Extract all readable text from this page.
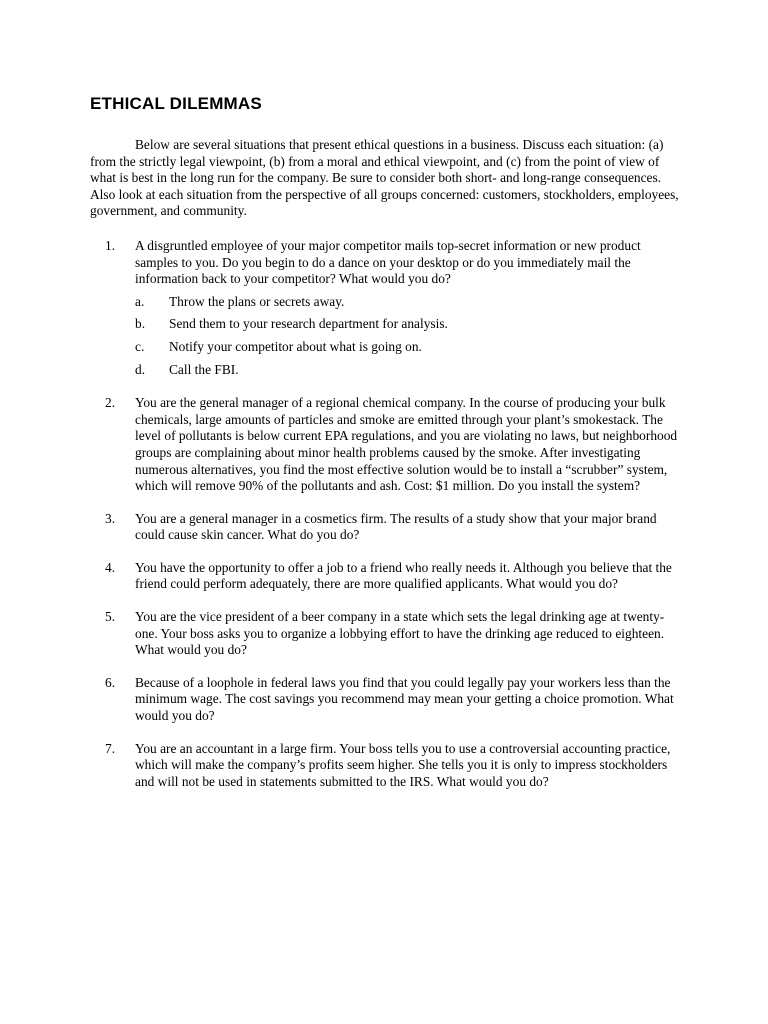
ETHICAL DILEMMAS

Below are several situations that present ethical questions in a business. Discuss each situation: (a) from the strictly legal viewpoint, (b) from a moral and ethical viewpoint, and (c) from the point of view of what is best in the long run for the company. Be sure to consider both short- and long-range consequences. Also look at each situation from the perspective of all groups concerned: customers, stockholders, employees, government, and community.

1. A disgruntled employee of your major competitor mails top-secret information or new product samples to you. Do you begin to do a dance on your desktop or do you immediately mail the information back to your competitor? What would you do?
a. Throw the plans or secrets away.
b. Send them to your research department for analysis.
c. Notify your competitor about what is going on.
d. Call the FBI.
2. You are the general manager of a regional chemical company. In the course of producing your bulk chemicals, large amounts of particles and smoke are emitted through your plant’s smokestack. The level of pollutants is below current EPA regulations, and you are violating no laws, but neighborhood groups are complaining about minor health problems caused by the smoke. After investigating numerous alternatives, you find the most effective solution would be to install a “scrubber” system, which will remove 90% of the pollutants and ash. Cost: $1 million. Do you install the system?
3. You are a general manager in a cosmetics firm. The results of a study show that your major brand could cause skin cancer. What do you do?
4. You have the opportunity to offer a job to a friend who really needs it. Although you believe that the friend could perform adequately, there are more qualified applicants. What would you do?
5. You are the vice president of a beer company in a state which sets the legal drinking age at twenty-one. Your boss asks you to organize a lobbying effort to have the drinking age reduced to eighteen. What would you do?
6. Because of a loophole in federal laws you find that you could legally pay your workers less than the minimum wage. The cost savings you recommend may mean your getting a choice promotion. What would you do?
7. You are an accountant in a large firm. Your boss tells you to use a controversial accounting practice, which will make the company’s profits seem higher. She tells you it is only to impress stockholders and will not be used in statements submitted to the IRS. What would you do?
